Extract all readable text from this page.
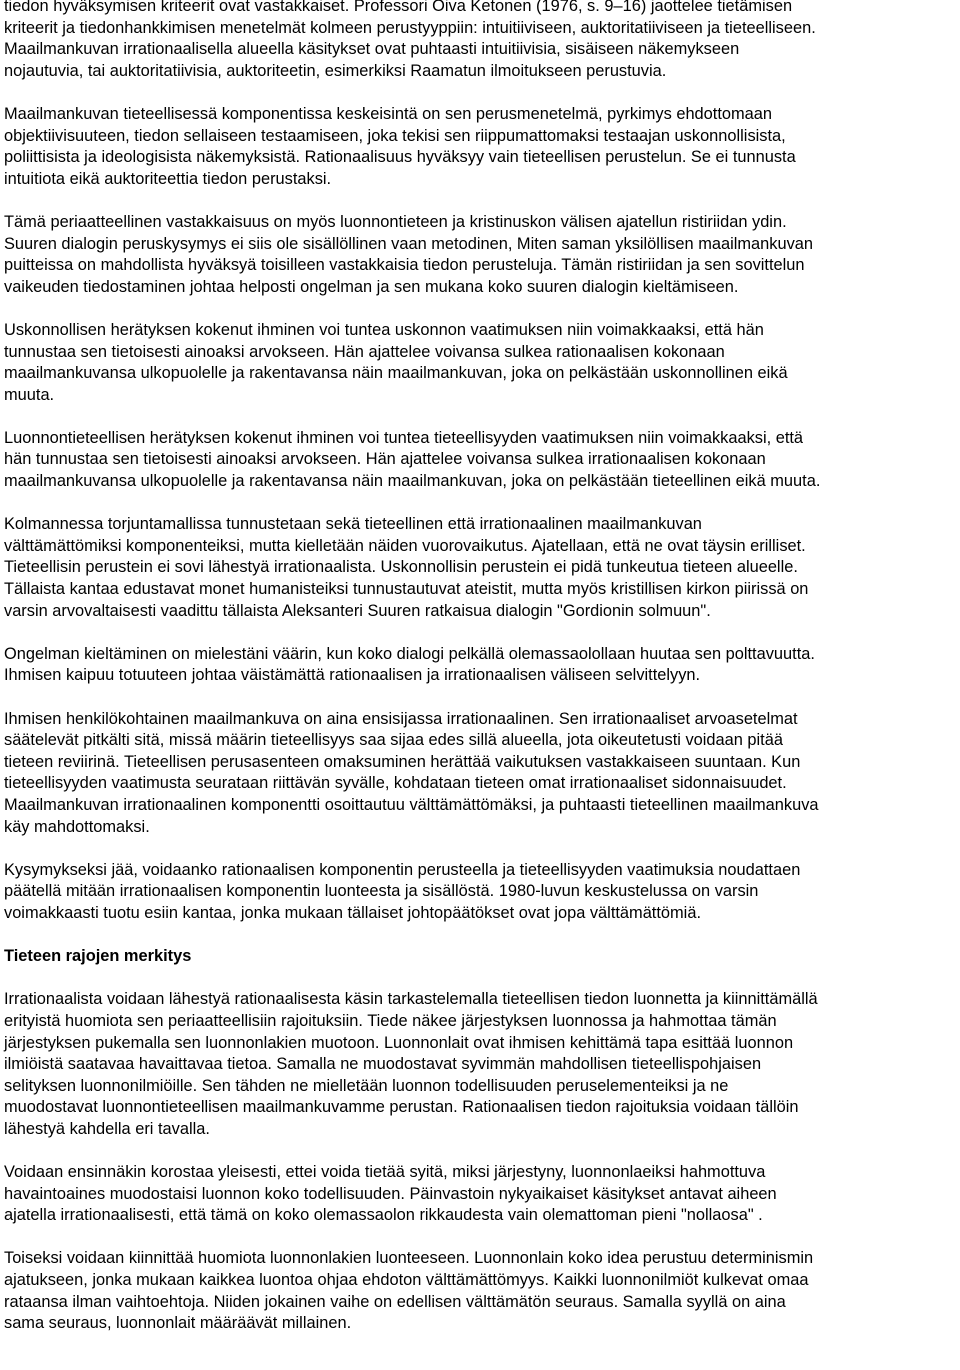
tiedon hyväksymisen kriteerit ovat vastakkaiset. Professori Oiva Ketonen (1976, s. 9–16) jaottelee tietämisen
kriteerit ja tiedonhankkimisen menetelmät kolmeen perustyyppiin: intuitiiviseen, auktoritatiiviseen ja tieteelliseen.
Maailmankuvan irrationaalisella alueella käsitykset ovat puhtaasti intuitiivisia, sisäiseen näkemykseen
nojautuvia, tai auktoritatiivisia, auktoriteetin, esimerkiksi Raamatun ilmoitukseen perustuvia.

Maailmankuvan tieteellisessä komponentissa keskeisintä on sen perusmenetelmä, pyrkimys ehdottomaan
objektiivisuuteen, tiedon sellaiseen testaamiseen, joka tekisi sen riippumattomaksi testaajan uskonnollisista,
poliittisista ja ideologisista näkemyksistä. Rationaalisuus hyväksyy vain tieteellisen perustelun. Se ei tunnusta
intuitiota eikä auktoriteettia tiedon perustaksi.

Tämä periaatteellinen vastakkaisuus on myös luonnontieteen ja kristinuskon välisen ajatellun ristiriidan ydin.
Suuren dialogin peruskysymys ei siis ole sisällöllinen vaan metodinen, Miten saman yksilöllisen maailmankuvan
puitteissa on mahdollista hyväksyä toisilleen vastakkaisia tiedon perusteluja. Tämän ristiriidan ja sen sovittelun
vaikeuden tiedostaminen johtaa helposti ongelman ja sen mukana koko suuren dialogin kieltämiseen.

Uskonnollisen herätyksen kokenut ihminen voi tuntea uskonnon vaatimuksen niin voimakkaaksi, että hän
tunnustaa sen tietoisesti ainoaksi arvokseen. Hän ajattelee voivansa sulkea rationaalisen kokonaan
maailmankuvansa ulkopuolelle ja rakentavansa näin maailmankuvan, joka on pelkästään uskonnollinen eikä
muuta.

Luonnontieteellisen herätyksen kokenut ihminen voi tuntea tieteellisyyden vaatimuksen niin voimakkaaksi, että
hän tunnustaa sen tietoisesti ainoaksi arvokseen. Hän ajattelee voivansa sulkea irrationaalisen kokonaan
maailmankuvansa ulkopuolelle ja rakentavansa näin maailmankuvan, joka on pelkästään tieteellinen eikä muuta.

Kolmannessa torjuntamallissa tunnustetaan sekä tieteellinen että irrationaalinen maailmankuvan
välttämättömiksi komponenteiksi, mutta kielletään näiden vuorovaikutus. Ajatellaan, että ne ovat täysin erilliset.
Tieteellisin perustein ei sovi lähestyä irrationaalista. Uskonnollisin perustein ei pidä tunkeutua tieteen alueelle.
Tällaista kantaa edustavat monet humanisteiksi tunnustautuvat ateistit, mutta myös kristillisen kirkon piirissä on
varsin arvovaltaisesti vaadittu tällaista Aleksanteri Suuren ratkaisua dialogin "Gordionin solmuun".

Ongelman kieltäminen on mielestäni väärin, kun koko dialogi pelkällä olemassaolollaan huutaa sen polttavuutta.
Ihmisen kaipuu totuuteen johtaa väistämättä rationaalisen ja irrationaalisen väliseen selvittelyyn.

Ihmisen henkilökohtainen maailmankuva on aina ensisijassa irrationaalinen. Sen irrationaaliset arvoasetelmat
säätelevät pitkälti sitä, missä määrin tieteellisyys saa sijaa edes sillä alueella, jota oikeutetusti voidaan pitää
tieteen reviirinä. Tieteellisen perusasenteen omaksuminen herättää vaikutuksen vastakkaiseen suuntaan. Kun
tieteellisyyden vaatimusta seurataan riittävän syvälle, kohdataan tieteen omat irrationaaliset sidonnaisuudet.
Maailmankuvan irrationaalinen komponentti osoittautuu välttämättömäksi, ja puhtaasti tieteellinen maailmankuva
käy mahdottomaksi.

Kysymykseksi jää, voidaanko rationaalisen komponentin perusteella ja tieteellisyyden vaatimuksia noudattaen
päätellä mitään irrationaalisen komponentin luonteesta ja sisällöstä. 1980-luvun keskustelussa on varsin
voimakkaasti tuotu esiin kantaa, jonka mukaan tällaiset johtopäätökset ovat jopa välttämättömiä.

Tieteen rajojen merkitys

Irrationaalista voidaan lähestyä rationaalisesta käsin tarkastelemalla tieteellisen tiedon luonnetta ja kiinnittämällä
erityistä huomiota sen periaatteellisiin rajoituksiin. Tiede näkee järjestyksen luonnossa ja hahmottaa tämän
järjestyksen pukemalla sen luonnonlakien muotoon. Luonnonlait ovat ihmisen kehittämä tapa esittää luonnon
ilmiöistä saatavaa havaittavaa tietoa. Samalla ne muodostavat syvimmän mahdollisen tieteellispohjaisen
selityksen luonnonilmiöille. Sen tähden ne mielletään luonnon todellisuuden peruselementeiksi ja ne
muodostavat luonnontieteellisen maailmankuvamme perustan. Rationaalisen tiedon rajoituksia voidaan tällöin
lähestyä kahdella eri tavalla.

Voidaan ensinnäkin korostaa yleisesti, ettei voida tietää syitä, miksi järjestyny, luonnonlaeiksi hahmottuva
havaintoaines muodostaisi luonnon koko todellisuuden. Päinvastoin nykyaikaiset käsitykset antavat aiheen
ajatella irrationaalisesti, että tämä on koko olemassaolon rikkaudesta vain olemattoman pieni "nollaosa" .

Toiseksi voidaan kiinnittää huomiota luonnonlakien luonteeseen. Luonnonlain koko idea perustuu determinismin
ajatukseen, jonka mukaan kaikkea luontoa ohjaa ehdoton välttämättömyys. Kaikki luonnonilmiöt kulkevat omaa
rataansa ilman vaihtoehtoja. Niiden jokainen vaihe on edellisen välttämätön seuraus. Samalla syyllä on aina
sama seuraus, luonnonlait määräävät millainen.
